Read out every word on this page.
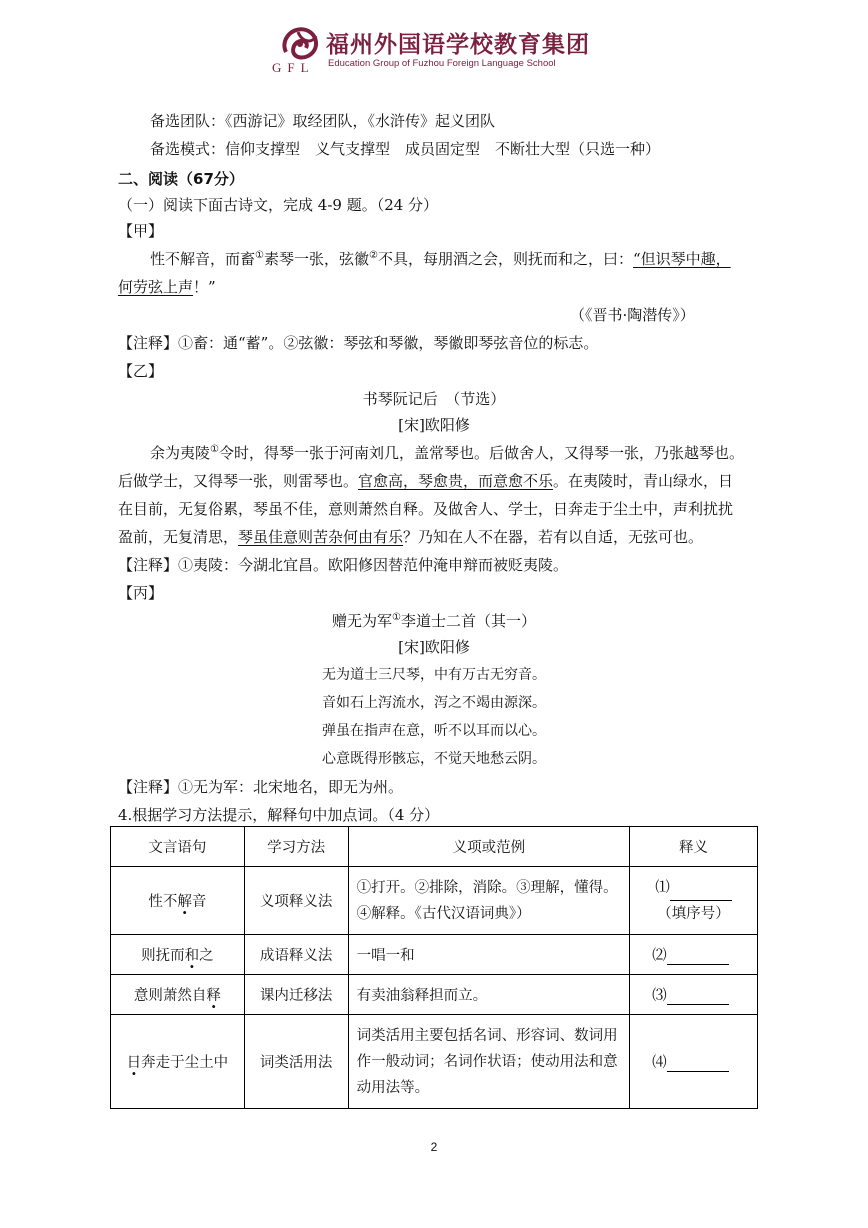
GFL
福州外国语学校教育集团
Education Group of Fuzhou Foreign Language School
备选团队：《西游记》取经团队，《水浒传》起义团队
备选模式：信仰支撑型　义气支撑型　成员固定型　不断壮大型（只选一种）
二、阅读（67分）
（一）阅读下面古诗文，完成 4-9 题。（24 分）
【甲】
性不解音，而畜①素琴一张，弦徽②不具，每朋酒之会，则抚而和之，曰：“但识琴中趣，
何劳弦上声！”
（《晋书·陶潜传》）
【注释】①畜：通“蓄”。②弦徽：琴弦和琴徽，琴徽即琴弦音位的标志。
【乙】
书琴阮记后　（节选）
[宋]欧阳修
余为夷陵①令时，得琴一张于河南刘几，盖常琴也。后做舍人，又得琴一张，乃张越琴也。
后做学士，又得琴一张，则雷琴也。官愈高，琴愈贵，而意愈不乐。在夷陵时，青山绿水，日
在目前，无复俗累，琴虽不佳，意则萧然自释。及做舍人、学士，日奔走于尘土中，声利扰扰
盈前，无复清思，琴虽佳意则苦杂何由有乐？乃知在人不在器，若有以自适，无弦可也。
【注释】①夷陵：今湖北宜昌。欧阳修因替范仲淹申辩而被贬夷陵。
【丙】
赠无为军①李道士二首（其一）
[宋]欧阳修
无为道士三尺琴，中有万古无穷音。
音如石上泻流水，泻之不竭由源深。
弹虽在指声在意，听不以耳而以心。
心意既得形骸忘，不觉天地愁云阴。
【注释】①无为军：北宋地名，即无为州。
4.根据学习方法提示，解释句中加点词。（4 分）
文言语句	学习方法	义项或范例	释义
性不解音	义项释义法	①打开。②排除，消除。③理解，懂得。④解释。《古代汉语词典》）	⑴
（填序号）
则抚而和之	成语释义法	一唱一和	⑵
意则萧然自释	课内迁移法	有卖油翁释担而立。	⑶
日奔走于尘土中	词类活用法	词类活用主要包括名词、形容词、数词用作一般动词；名词作状语；使动用法和意动用法等。	⑷
2
